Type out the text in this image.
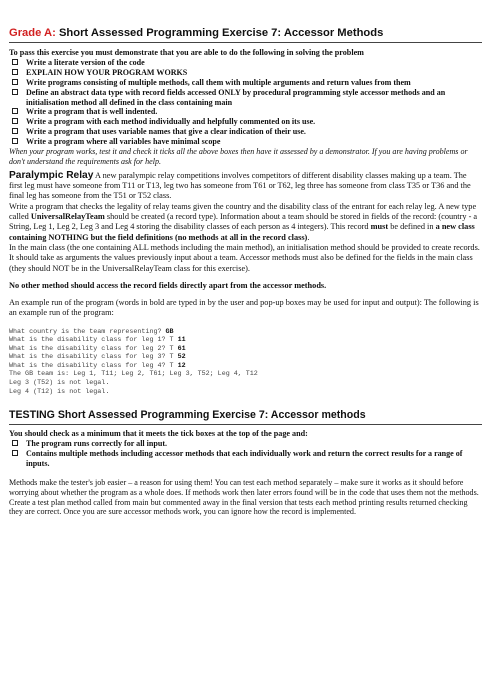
Grade A: Short Assessed Programming Exercise 7: Accessor Methods
To pass this exercise you must demonstrate that you are able to do the following in solving the problem
Write a literate version of the code
EXPLAIN HOW YOUR PROGRAM WORKS
Write programs consisting of multiple methods, call them with multiple arguments and return values from them
Define an abstract data type with record fields accessed ONLY by procedural programming style accessor methods and an initialisation method all defined in the class containing main
Write a program that is well indented.
Write a program with each method individually and helpfully commented on its use.
Write a program that uses variable names that give a clear indication of their use.
Write a program where all variables have minimal scope
When your program works, test it and check it ticks all the above boxes then have it assessed by a demonstrator. If you are having problems or don't understand the requirements ask for help.
Paralympic Relay A new paralympic relay competitions involves competitors of different disability classes making up a team. The first leg must have someone from T11 or T13, leg two has someone from T61 or T62, leg three has someone from class T35 or T36 and the final leg has someone from the T51 or T52 class.
Write a program that checks the legality of relay teams given the country and the disability class of the entrant for each relay leg. A new type called UniversalRelayTeam should be created (a record type). Information about a team should be stored in fields of the record: (country - a String, Leg 1, Leg 2, Leg 3 and Leg 4 storing the disability classes of each person as 4 integers). This record must be defined in a new class containing NOTHING but the field definitions (no methods at all in the record class).
In the main class (the one containing ALL methods including the main method), an initialisation method should be provided to create records. It should take as arguments the values previously input about a team. Accessor methods must also be defined for the fields in the main class (they should NOT be in the UniversalRelayTeam class for this exercise).
No other method should access the record fields directly apart from the accessor methods.
An example run of the program (words in bold are typed in by the user and pop-up boxes may be used for input and output): The following is an example run of the program:
What country is the team representing? GB
What is the disability class for leg 1? T 11
What is the disability class for leg 2? T 61
What is the disability class for leg 3? T 52
What is the disability class for leg 4? T 12
The GB team is: Leg 1, T11; Leg 2, T61; Leg 3, T52; Leg 4, T12
Leg 3 (T52) is not legal.
Leg 4 (T12) is not legal.
TESTING Short Assessed Programming Exercise 7: Accessor methods
You should check as a minimum that it meets the tick boxes at the top of the page and:
The program runs correctly for all input.
Contains multiple methods including accessor methods that each individually work and return the correct results for a range of inputs.
Methods make the tester's job easier – a reason for using them! You can test each method separately – make sure it works as it should before worrying about whether the program as a whole does. If methods work then later errors found will be in the code that uses them not the methods. Create a test plan method called from main but commented away in the final version that tests each method printing results returned checking they are correct. Once you are sure accessor methods work, you can ignore how the record is implemented.
